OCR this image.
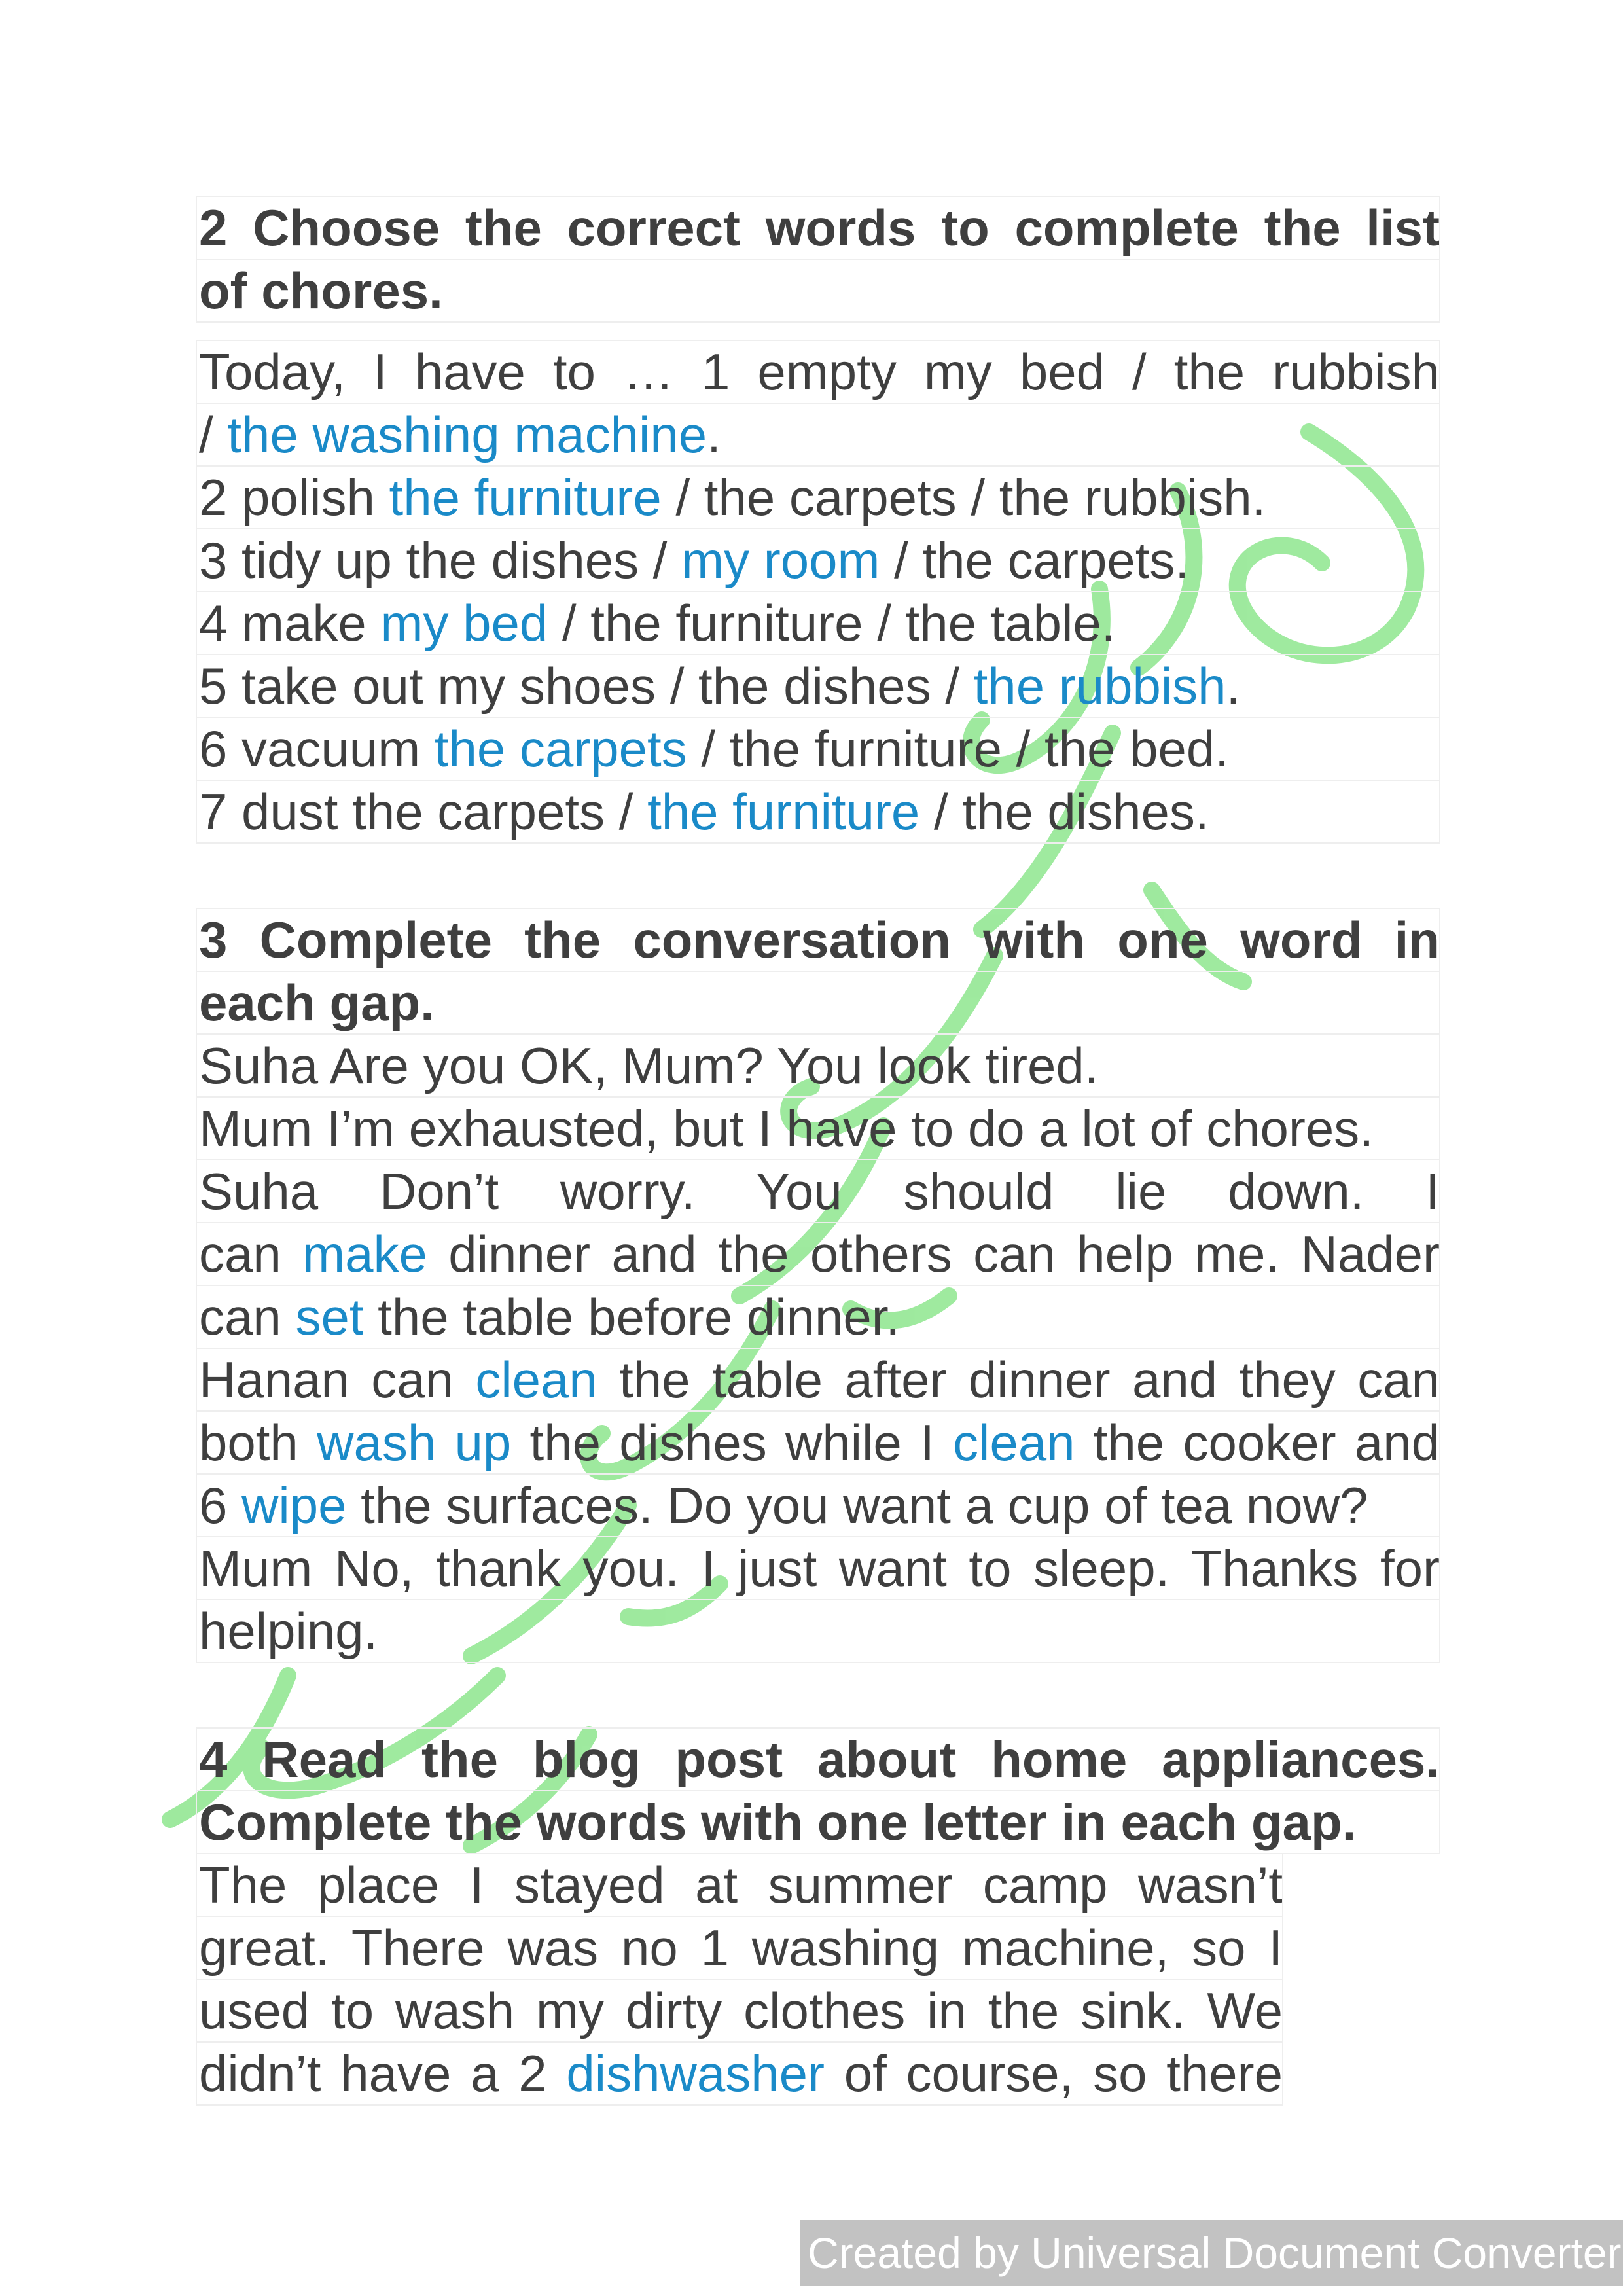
2 Choose the correct words to complete the list
of chores.
Today, I have to … 1 empty my bed / the rubbish
/ the washing machine.
2 polish the furniture / the carpets / the rubbish.
3 tidy up the dishes / my room / the carpets.
4 make my bed / the furniture / the table.
5 take out my shoes / the dishes / the rubbish.
6 vacuum the carpets / the furniture / the bed.
7 dust the carpets / the furniture / the dishes.
3 Complete the conversation with one word in
each gap.
Suha Are you OK, Mum? You look tired.
Mum I’m exhausted, but I have to do a lot of chores.
Suha Don’t worry. You should lie down. I
can make dinner and the others can help me. Nader
can set the table before dinner.
Hanan can clean the table after dinner and they can
both wash up the dishes while I clean the cooker and
6 wipe the surfaces. Do you want a cup of tea now?
Mum No, thank you. I just want to sleep. Thanks for
helping.
4 Read the blog post about home appliances.
Complete the words with one letter in each gap.
The place I stayed at summer camp wasn’t
great. There was no 1 washing machine, so I
used to wash my dirty clothes in the sink. We
didn’t have a 2 dishwasher of course, so there
Created by Universal Document Converter
